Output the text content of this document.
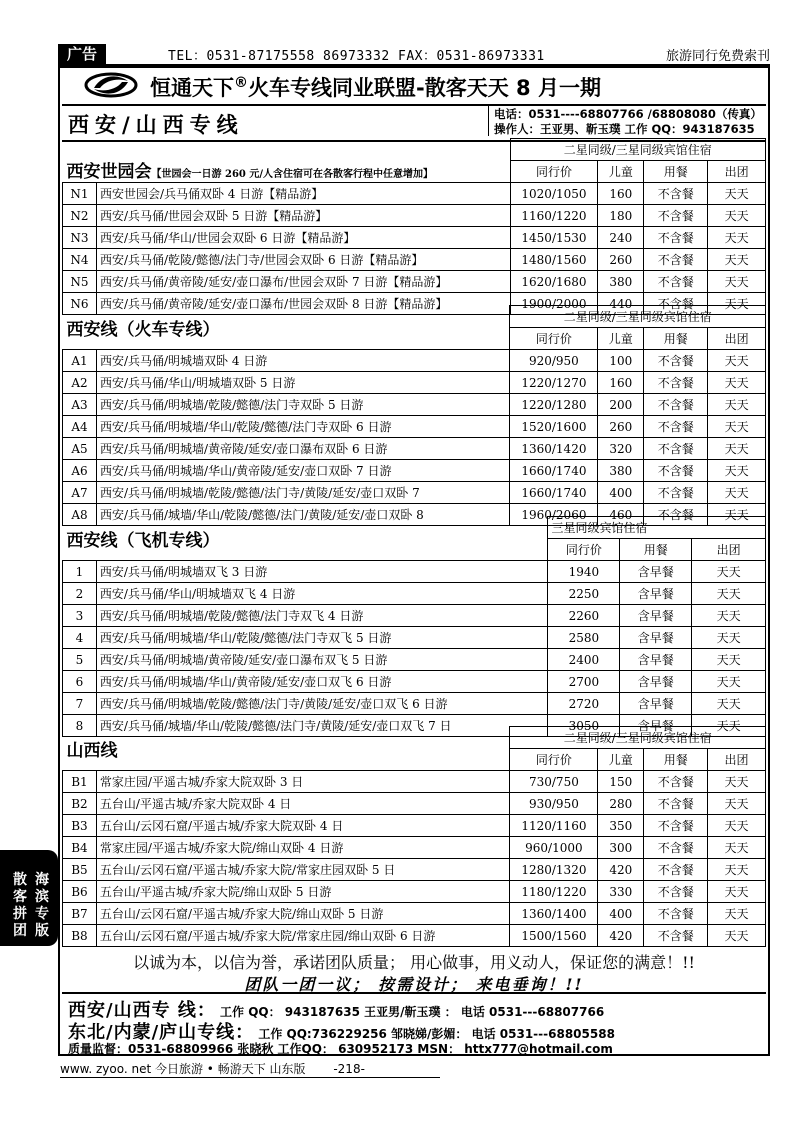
广告	TEL：0531-87175558 86973332 FAX：0531-86973331	旅游同行免费索刊
恒通天下®火车专线同业联盟-散客天天 8 月一期
西安/山西专线	电话：0531----68807766 /68808080（传真）
操作人：王亚男、靳玉璞 工作 QQ：943187635
西安世园会【世园会一日游 260 元/人含住宿可在各散客行程中任意增加】		二星同级/三星同级宾馆住宿			
		同行价	儿童	用餐	出团
N1	西安世园会/兵马俑双卧 4 日游【精品游】	1020/1050	160	不含餐	天天
N2	西安/兵马俑/世园会双卧 5 日游【精品游】	1160/1220	180	不含餐	天天
N3	西安/兵马俑/华山/世园会双卧 6 日游【精品游】	1450/1530	240	不含餐	天天
N4	西安/兵马俑/乾陵/懿德/法门寺/世园会双卧 6 日游【精品游】	1480/1560	260	不含餐	天天
N5	西安/兵马俑/黄帝陵/延安/壶口瀑布/世园会双卧 7 日游【精品游】	1620/1680	380	不含餐	天天
N6	西安/兵马俑/黄帝陵/延安/壶口瀑布/世园会双卧 8 日游【精品游】	1900/2000	440	不含餐	天天
西安线（火车专线）		二星同级/三星同级宾馆住宿			
		同行价	儿童	用餐	出团
A1	西安/兵马俑/明城墙双卧 4 日游	920/950	100	不含餐	天天
A2	西安/兵马俑/华山/明城墙双卧 5 日游	1220/1270	160	不含餐	天天
A3	西安/兵马俑/明城墙/乾陵/懿德/法门寺双卧 5 日游	1220/1280	200	不含餐	天天
A4	西安/兵马俑/明城墙/华山/乾陵/懿德/法门寺双卧 6 日游	1520/1600	260	不含餐	天天
A5	西安/兵马俑/明城墙/黄帝陵/延安/壶口瀑布双卧 6 日游	1360/1420	320	不含餐	天天
A6	西安/兵马俑/明城墙/华山/黄帝陵/延安/壶口双卧 7 日游	1660/1740	380	不含餐	天天
A7	西安/兵马俑/明城墙/乾陵/懿德/法门寺/黄陵/延安/壶口双卧 7	1660/1740	400	不含餐	天天
A8	西安/兵马俑/城墙/华山/乾陵/懿德/法门/黄陵/延安/壶口双卧 8	1960/2060	460	不含餐	天天
西安线（飞机专线）		三星同级宾馆住宿		
		同行价	用餐	出团
1	西安/兵马俑/明城墙双飞 3 日游	1940	含早餐	天天
2	西安/兵马俑/华山/明城墙双飞 4 日游	2250	含早餐	天天
3	西安/兵马俑/明城墙/乾陵/懿德/法门寺双飞 4 日游	2260	含早餐	天天
4	西安/兵马俑/明城墙/华山/乾陵/懿德/法门寺双飞 5 日游	2580	含早餐	天天
5	西安/兵马俑/明城墙/黄帝陵/延安/壶口瀑布双飞 5 日游	2400	含早餐	天天
6	西安/兵马俑/明城墙/华山/黄帝陵/延安/壶口双飞 6 日游	2700	含早餐	天天
7	西安/兵马俑/明城墙/乾陵/懿德/法门寺/黄陵/延安/壶口双飞 6 日游	2720	含早餐	天天
8	西安/兵马俑/城墙/华山/乾陵/懿德/法门寺/黄陵/延安/壶口双飞 7 日	3050	含早餐	天天
山西线		二星同级/三星同级宾馆住宿			
		同行价	儿童	用餐	出团
B1	常家庄园/平遥古城/乔家大院双卧 3 日	730/750	150	不含餐	天天
B2	五台山/平遥古城/乔家大院双卧 4 日	930/950	280	不含餐	天天
B3	五台山/云冈石窟/平遥古城/乔家大院双卧 4 日	1120/1160	350	不含餐	天天
B4	常家庄园/平遥古城/乔家大院/绵山双卧 4 日游	960/1000	300	不含餐	天天
B5	五台山/云冈石窟/平遥古城/乔家大院/常家庄园双卧 5 日	1280/1320	420	不含餐	天天
B6	五台山/平遥古城/乔家大院/绵山双卧 5 日游	1180/1220	330	不含餐	天天
B7	五台山/云冈石窟/平遥古城/乔家大院/绵山双卧 5 日游	1360/1400	400	不含餐	天天
B8	五台山/云冈石窟/平遥古城/乔家大院/常家庄园/绵山双卧 6 日游	1500/1560	420	不含餐	天天
以诚为本，以信为誉，承诺团队质量； 用心做事，用义动人，保证您的满意！!!
团队一团一议； 按需设计； 来电垂询！!!
西安/山西专 线： 工作 QQ： 943187635 王亚男/靳玉璞 ： 电话 0531---68807766
东北/内蒙/庐山专线： 工作 QQ:736229256 邹晓娣/彭媚： 电话 0531---68805588
质量监督：0531-68809966 张晓秋 工作QQ： 630952173 MSN： httx777@hotmail.com
www. zyoo. net 今日旅游 • 畅游天下 山东版 -218-
海滨专版
散客拼团
